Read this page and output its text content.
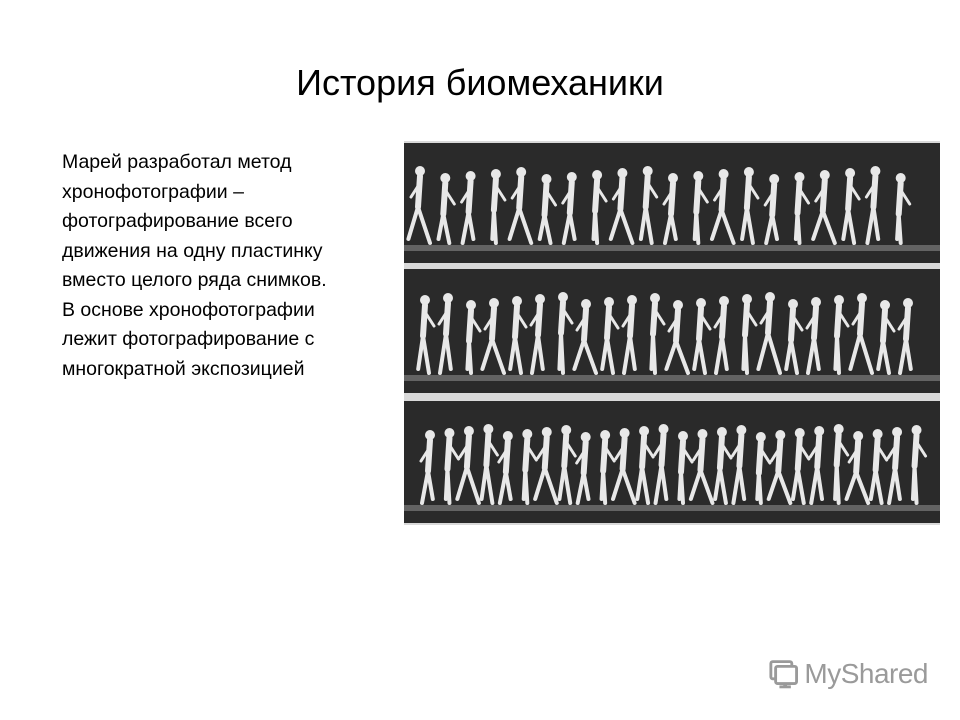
История биомеханики

Марей разработал метод
хронофотографии –
фотографирование всего
движения на одну пластинку
вместо целого ряда снимков.
В основе хронофотографии
лежит фотографирование с
многократной экспозицией

MyShared
